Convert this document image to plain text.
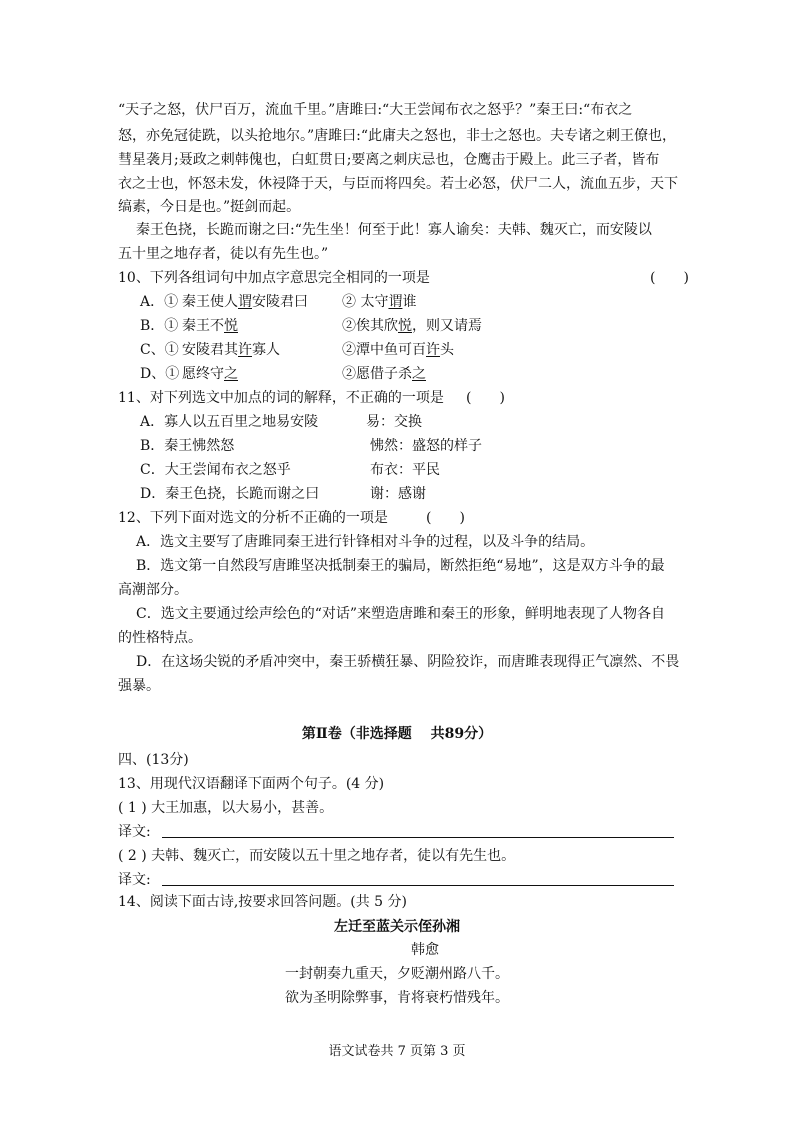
“天子之怒，伏尸百万，流血千里。”唐雎曰:“大王尝闻布衣之怒乎？”秦王曰:“布衣之
怒，亦免冠徒跣，以头抢地尔。”唐雎曰:“此庸夫之怒也，非士之怒也。夫专诸之刺王僚也，
彗星袭月;聂政之刺韩傀也，白虹贯日;要离之刺庆忌也，仓鹰击于殿上。此三子者，皆布
衣之士也，怀怒未发，休祲降于天，与臣而将四矣。若士必怒，伏尸二人，流血五步，天下
缟素，今日是也。”挺剑而起。
秦王色挠，长跪而谢之曰:“先生坐！何至于此！寡人谕矣：夫韩、魏灭亡，而安陵以
五十里之地存者，徒以有先生也。”
10、下列各组词句中加点字意思完全相同的一项是	(　　)
A．① 秦王使人谓安陵君曰 ② 太守谓谁
B．① 秦王不悦	②俟其欣悦，则又请焉
C、① 安陵君其许寡人	②潭中鱼可百许头
D、① 愿终守之	②愿借子杀之
11、对下列选文中加点的词的解释，不正确的一项是 (　　)
A．寡人以五百里之地易安陵	易：交换
B．秦王怫然怒	怫然：盛怒的样子
C．大王尝闻布衣之怒乎	布衣：平民
D．秦王色挠，长跪而谢之曰	谢：感谢
12、下列下面对选文的分析不正确的一项是	(　　)
A．选文主要写了唐雎同秦王进行针锋相对斗争的过程，以及斗争的结局。
B．选文第一自然段写唐雎坚决抵制秦王的骗局，断然拒绝“易地”，这是双方斗争的最
高潮部分。
C．选文主要通过绘声绘色的“对话”来塑造唐雎和秦王的形象，鲜明地表现了人物各自
的性格特点。
D．在这场尖锐的矛盾冲突中，秦王骄横狂暴、阴险狡诈，而唐雎表现得正气凛然、不畏
强暴。
第Ⅱ卷（非选择题　 共89分）
四、(13分)
13、用现代汉语翻译下面两个句子。(4 分)
( 1 ) 大王加惠，以大易小，甚善。
译文:
( 2 ) 夫韩、魏灭亡，而安陵以五十里之地存者，徒以有先生也。
译文:
14、阅读下面古诗,按要求回答问题。(共 5 分)
左迁至蓝关示侄孙湘
韩愈
一封朝奏九重天，夕贬潮州路八千。
欲为圣明除弊事，肯将衰朽惜残年。
语文试卷共 7 页第 3 页
